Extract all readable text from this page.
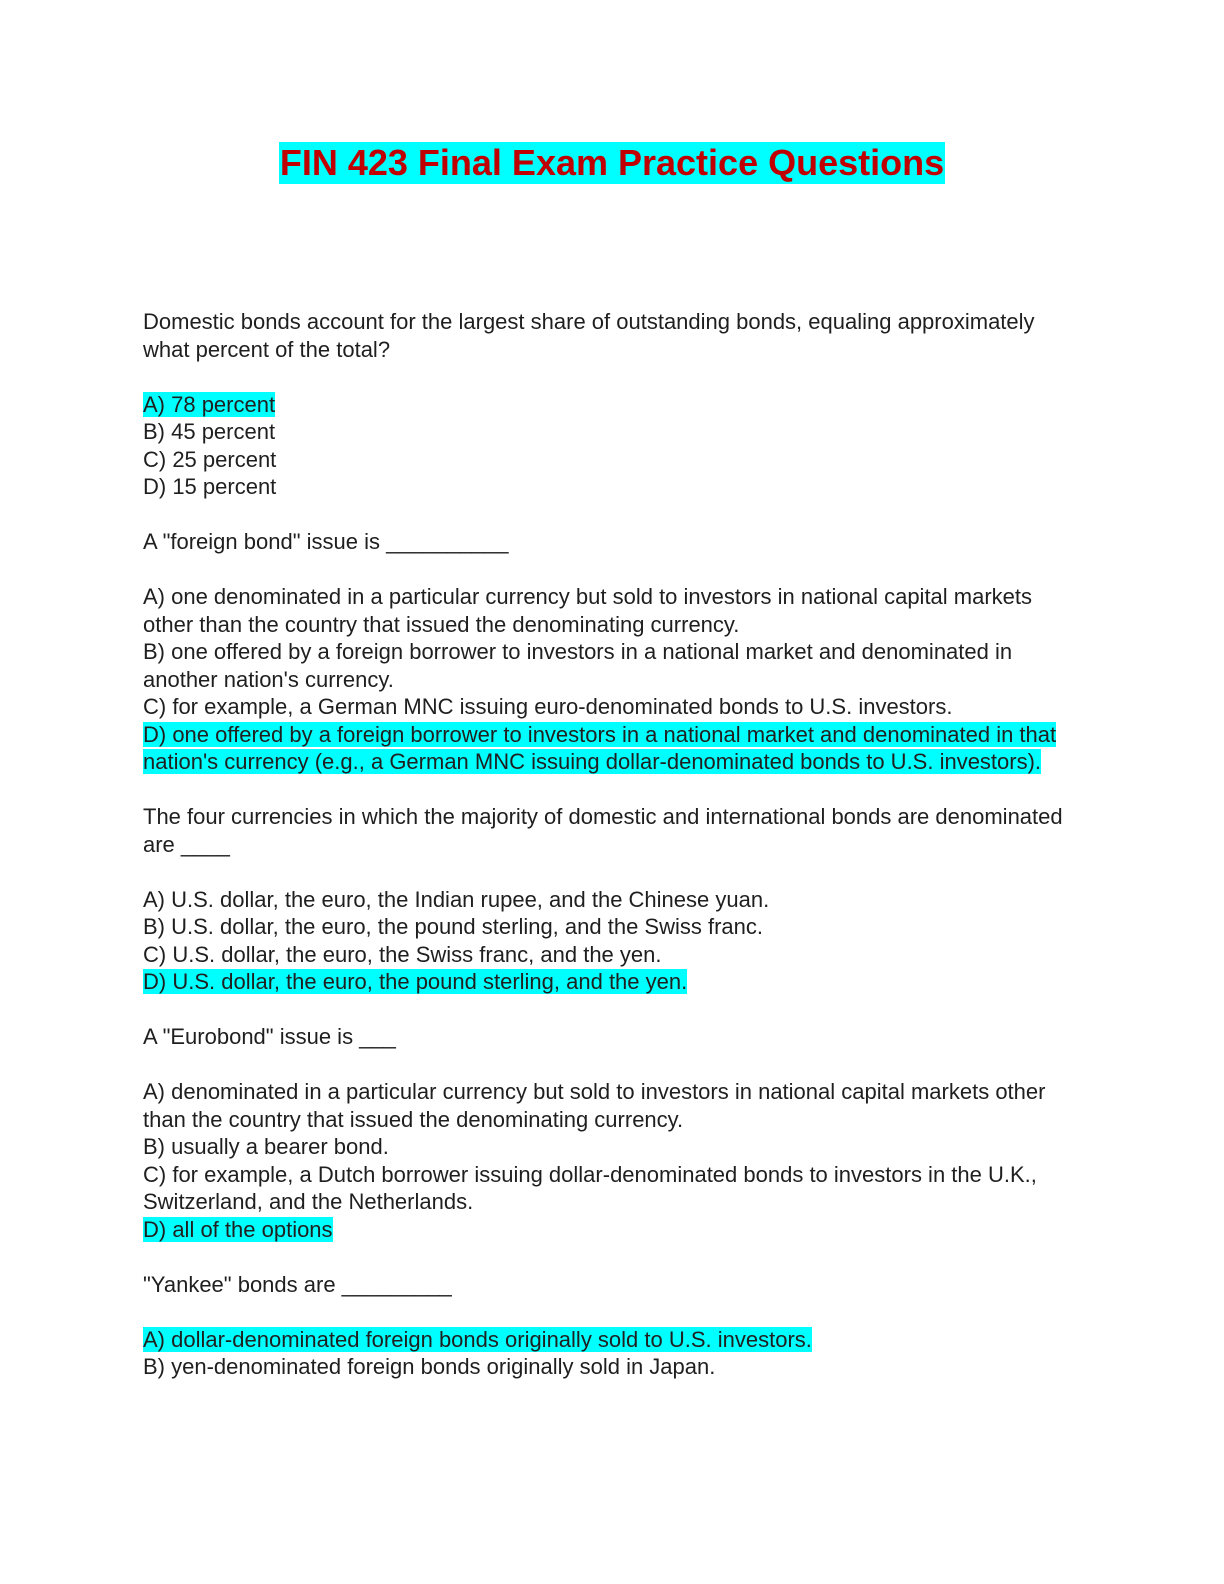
FIN 423 Final Exam Practice Questions
Domestic bonds account for the largest share of outstanding bonds, equaling approximately what percent of the total?
A) 78 percent
B) 45 percent
C) 25 percent
D) 15 percent
A "foreign bond" issue is __________
A) one denominated in a particular currency but sold to investors in national capital markets other than the country that issued the denominating currency.
B) one offered by a foreign borrower to investors in a national market and denominated in another nation's currency.
C) for example, a German MNC issuing euro-denominated bonds to U.S. investors.
D) one offered by a foreign borrower to investors in a national market and denominated in that nation's currency (e.g., a German MNC issuing dollar-denominated bonds to U.S. investors).
The four currencies in which the majority of domestic and international bonds are denominated are ____
A) U.S. dollar, the euro, the Indian rupee, and the Chinese yuan.
B) U.S. dollar, the euro, the pound sterling, and the Swiss franc.
C) U.S. dollar, the euro, the Swiss franc, and the yen.
D) U.S. dollar, the euro, the pound sterling, and the yen.
A "Eurobond" issue is ___
A) denominated in a particular currency but sold to investors in national capital markets other than the country that issued the denominating currency.
B) usually a bearer bond.
C) for example, a Dutch borrower issuing dollar-denominated bonds to investors in the U.K., Switzerland, and the Netherlands.
D) all of the options
"Yankee" bonds are _________
A) dollar-denominated foreign bonds originally sold to U.S. investors.
B) yen-denominated foreign bonds originally sold in Japan.
